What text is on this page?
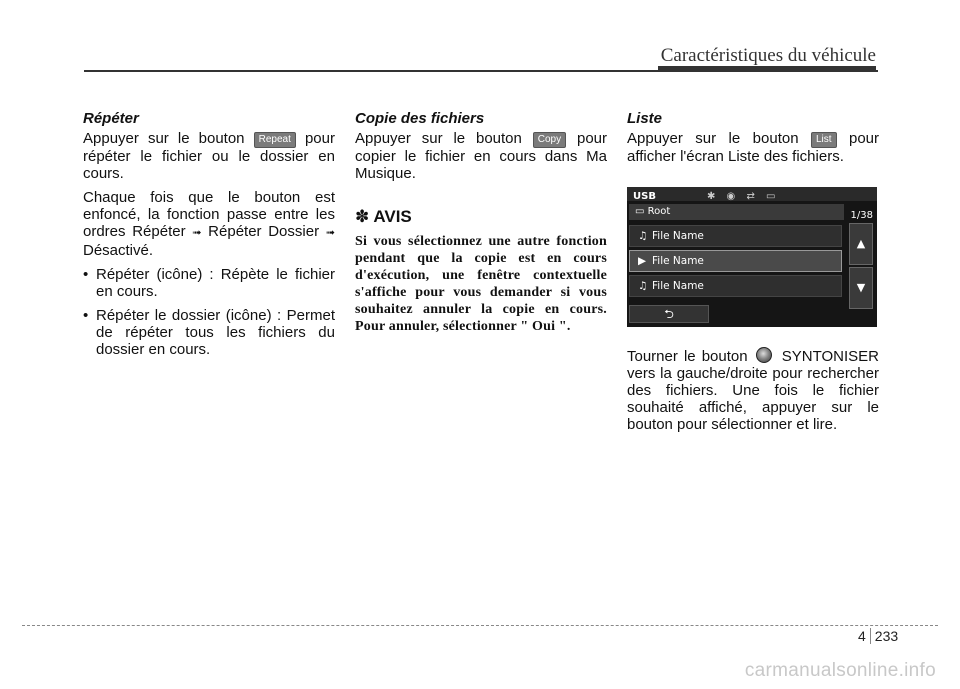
Caractéristiques du véhicule
Répéter

Appuyer sur le bouton Repeat pour répéter le fichier ou le dossier en cours.

Chaque fois que le bouton est enfoncé, la fonction passe entre les ordres Répéter ➟ Répéter Dossier ➟ Désactivé.

• Répéter (icône) : Répète le fichier en cours.
• Répéter le dossier (icône) : Permet de répéter tous les fichiers du dossier en cours.
Copie des fichiers

Appuyer sur le bouton Copy pour copier le fichier en cours dans Ma Musique.

✽ AVIS
Si vous sélectionnez une autre fonction pendant que la copie est en cours d'exécution, une fenêtre contextuelle s'affiche pour vous demander si vous souhaitez annuler la copie en cours. Pour annuler, sélectionner " Oui ".
Liste

Appuyer sur le bouton List pour afficher l'écran Liste des fichiers.

USB	✱ ◉ ⇄ ▭
▭ Root	1/38
♫ File Name
▶ File Name
♫ File Name
▲
▼
⮌

Tourner le bouton SYNTONISER vers la gauche/droite pour rechercher des fichiers. Une fois le fichier souhaité affiché, appuyer sur le bouton pour sélectionner et lire.

4 233
carmanualsonline.info
